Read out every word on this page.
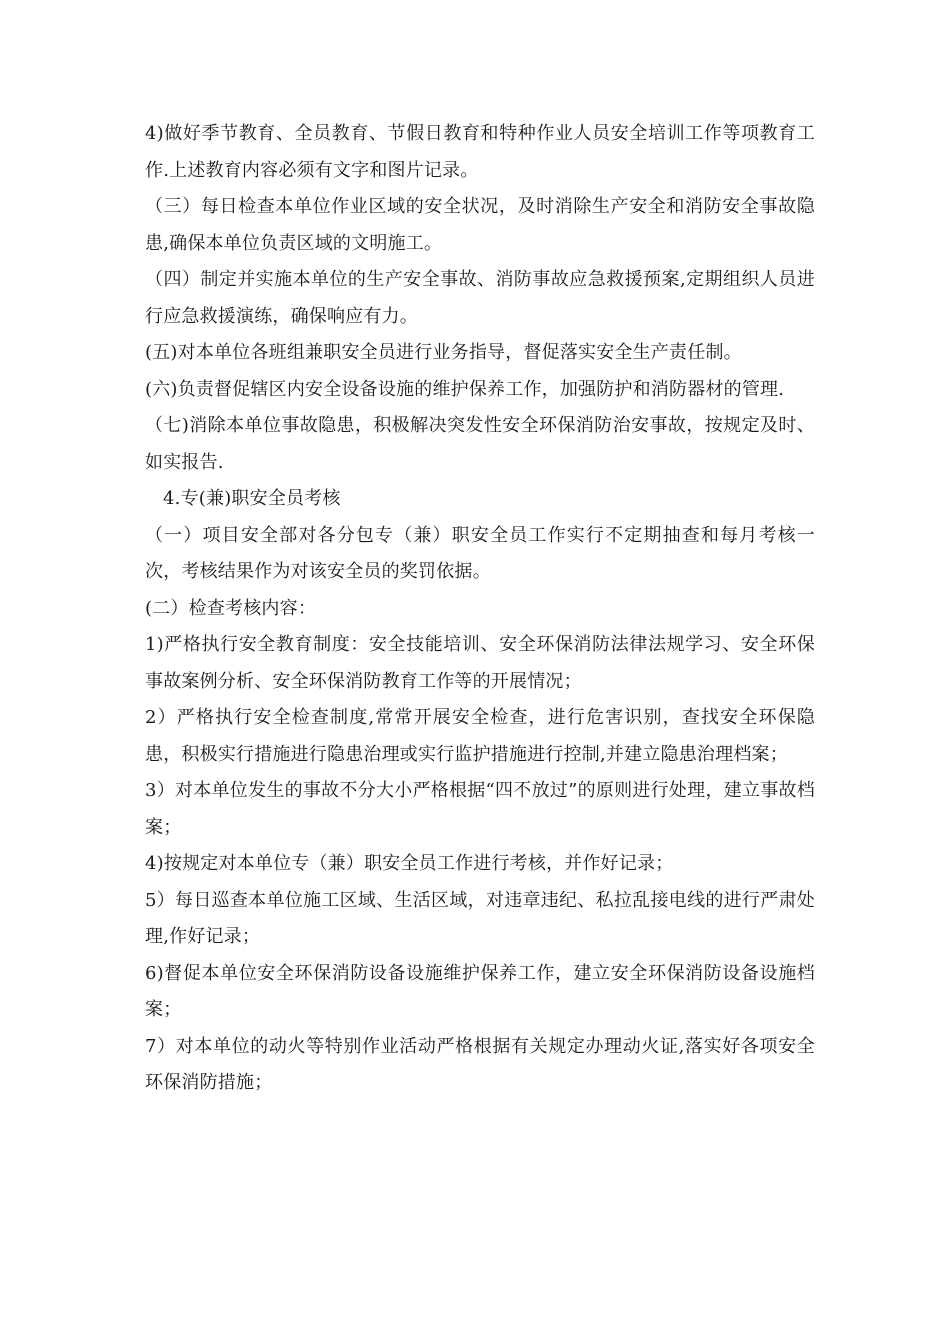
4)做好季节教育、全员教育、节假日教育和特种作业人员安全培训工作等项教育工作.上述教育内容必须有文字和图片记录。

（三）每日检查本单位作业区域的安全状况，及时消除生产安全和消防安全事故隐患,确保本单位负责区域的文明施工。

（四）制定并实施本单位的生产安全事故、消防事故应急救援预案,定期组织人员进行应急救援演练，确保响应有力。

(五)对本单位各班组兼职安全员进行业务指导，督促落实安全生产责任制。

(六)负责督促辖区内安全设备设施的维护保养工作，加强防护和消防器材的管理.

（七)消除本单位事故隐患，积极解决突发性安全环保消防治安事故，按规定及时、如实报告.

4.专(兼)职安全员考核

（一）项目安全部对各分包专（兼）职安全员工作实行不定期抽查和每月考核一次，考核结果作为对该安全员的奖罚依据。

(二）检查考核内容：

1)严格执行安全教育制度：安全技能培训、安全环保消防法律法规学习、安全环保事故案例分析、安全环保消防教育工作等的开展情况；

2）严格执行安全检查制度,常常开展安全检查，进行危害识别，查找安全环保隐患，积极实行措施进行隐患治理或实行监护措施进行控制,并建立隐患治理档案；

3）对本单位发生的事故不分大小严格根据“四不放过”的原则进行处理，建立事故档案；

4)按规定对本单位专（兼）职安全员工作进行考核，并作好记录；

5）每日巡查本单位施工区域、生活区域，对违章违纪、私拉乱接电线的进行严肃处理,作好记录；

6)督促本单位安全环保消防设备设施维护保养工作，建立安全环保消防设备设施档案；

7）对本单位的动火等特别作业活动严格根据有关规定办理动火证,落实好各项安全环保消防措施；
